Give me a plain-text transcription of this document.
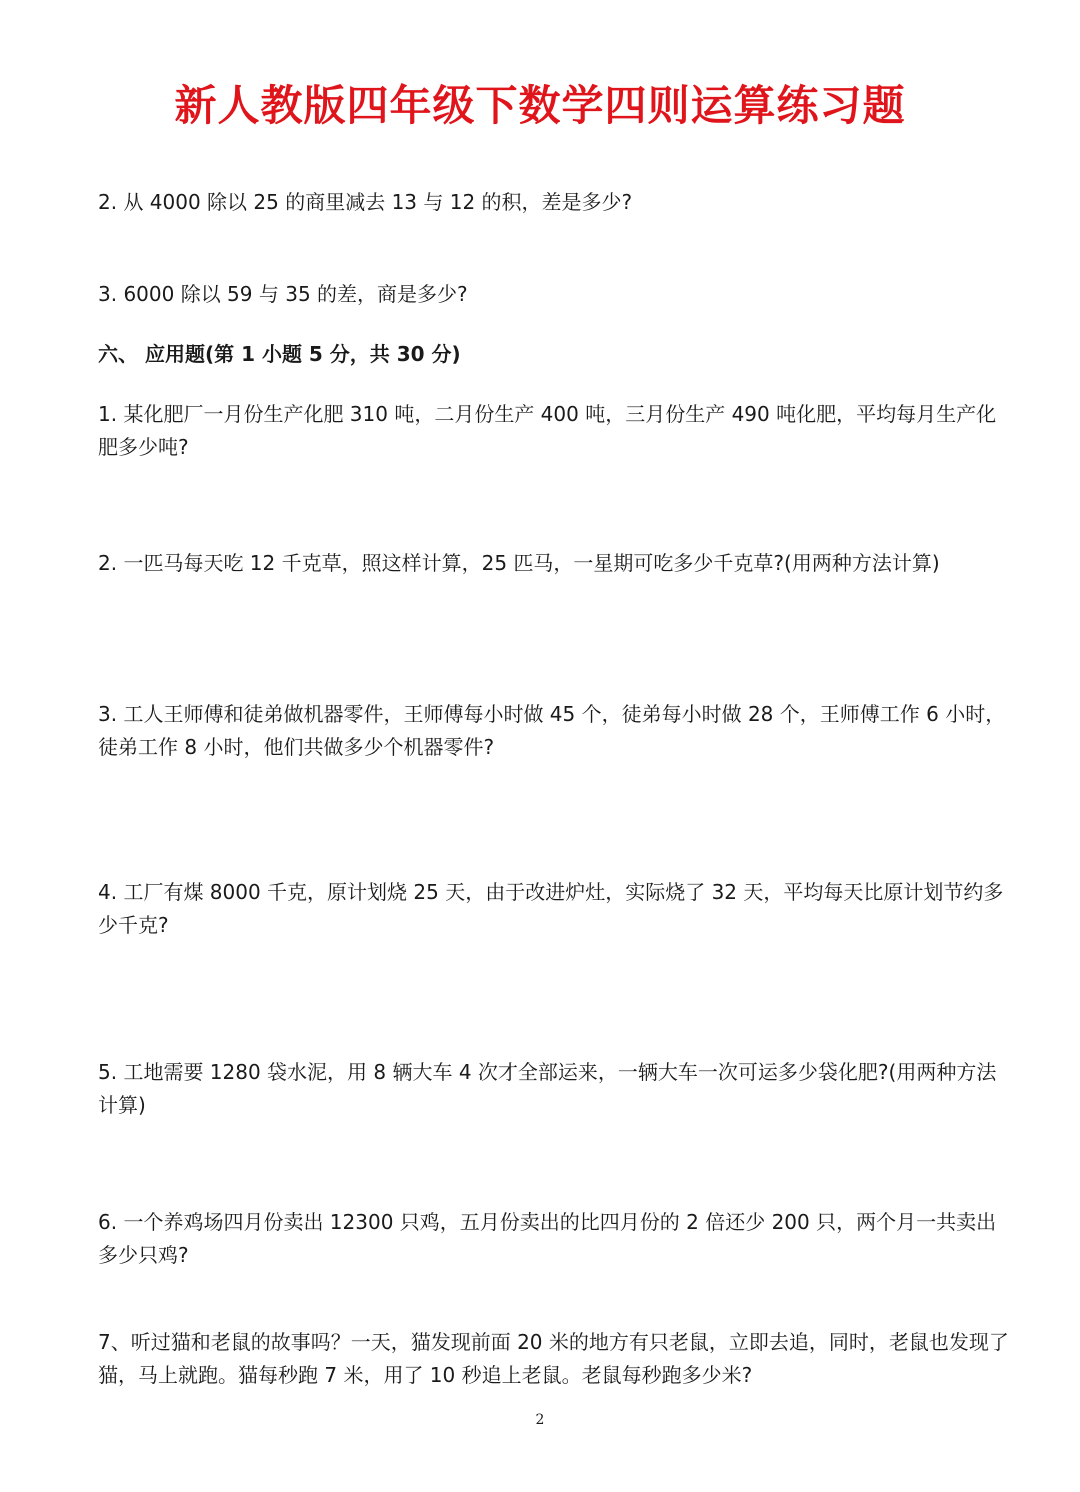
新人教版四年级下数学四则运算练习题

2. 从 4000 除以 25 的商里减去 13 与 12 的积，差是多少?

3. 6000 除以 59 与 35 的差，商是多少?

六、 应用题(第 1 小题 5 分，共 30 分)

1. 某化肥厂一月份生产化肥 310 吨，二月份生产 400 吨，三月份生产 490 吨化肥，平均每月生产化肥多少吨?

2. 一匹马每天吃 12 千克草，照这样计算，25 匹马，一星期可吃多少千克草?(用两种方法计算)

3. 工人王师傅和徒弟做机器零件，王师傅每小时做 45 个，徒弟每小时做 28 个，王师傅工作 6 小时，徒弟工作 8 小时，他们共做多少个机器零件?

4. 工厂有煤 8000 千克，原计划烧 25 天，由于改进炉灶，实际烧了 32 天，平均每天比原计划节约多少千克?

5. 工地需要 1280 袋水泥，用 8 辆大车 4 次才全部运来，一辆大车一次可运多少袋化肥?(用两种方法计算)

6. 一个养鸡场四月份卖出 12300 只鸡，五月份卖出的比四月份的 2 倍还少 200 只，两个月一共卖出多少只鸡?

7、听过猫和老鼠的故事吗？一天，猫发现前面 20 米的地方有只老鼠，立即去追，同时，老鼠也发现了猫，马上就跑。猫每秒跑 7 米，用了 10 秒追上老鼠。老鼠每秒跑多少米?

2
